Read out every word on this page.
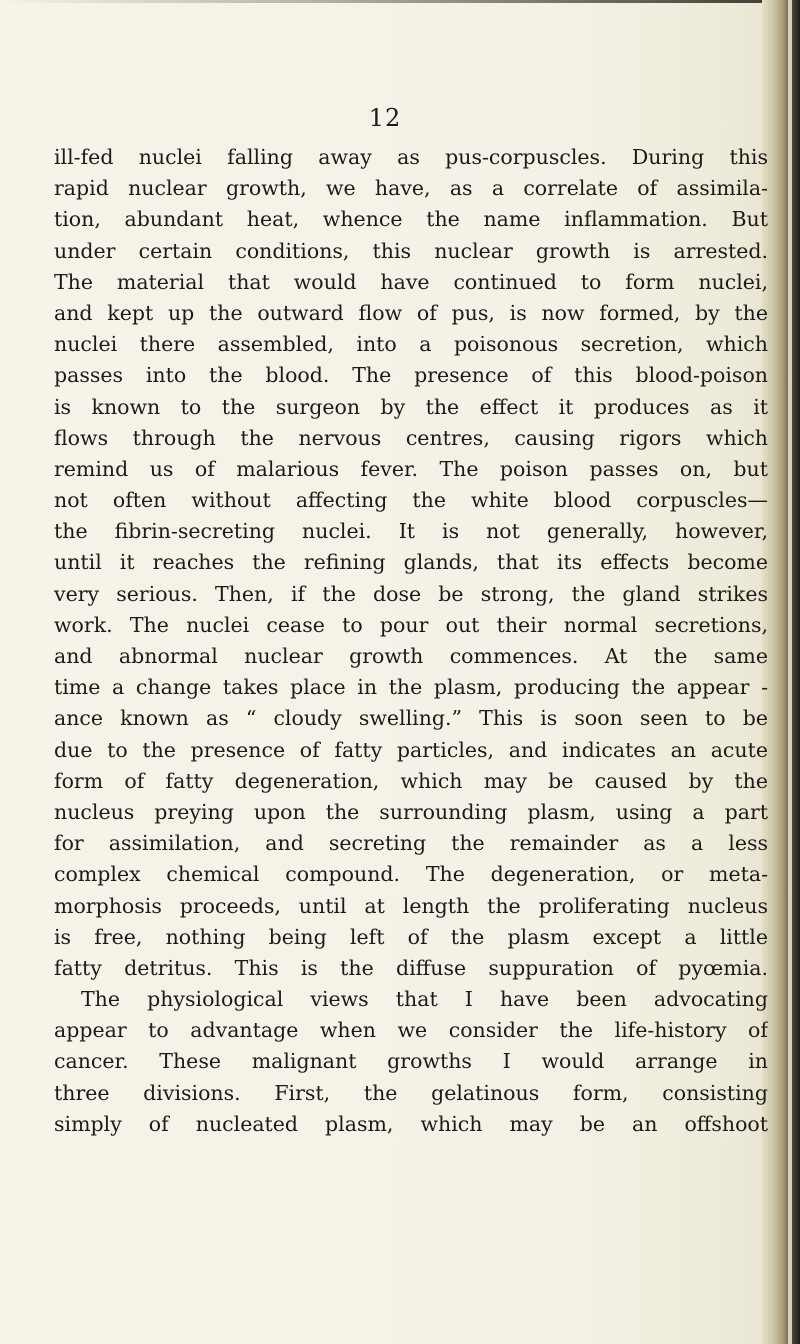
12
ill-fed nuclei falling away as pus-corpuscles. During this
rapid nuclear growth, we have, as a correlate of assimila-
tion, abundant heat, whence the name inflammation. But
under certain conditions, this nuclear growth is arrested.
The material that would have continued to form nuclei,
and kept up the outward flow of pus, is now formed, by the
nuclei there assembled, into a poisonous secretion, which
passes into the blood. The presence of this blood-poison
is known to the surgeon by the effect it produces as it
flows through the nervous centres, causing rigors which
remind us of malarious fever. The poison passes on, but
not often without affecting the white blood corpuscles—
the fibrin-secreting nuclei. It is not generally, however,
until it reaches the refining glands, that its effects become
very serious. Then, if the dose be strong, the gland strikes
work. The nuclei cease to pour out their normal secretions,
and abnormal nuclear growth commences. At the same
time a change takes place in the plasm, producing the appear -
ance known as “ cloudy swelling.” This is soon seen to be
due to the presence of fatty particles, and indicates an acute
form of fatty degeneration, which may be caused by the
nucleus preying upon the surrounding plasm, using a part
for assimilation, and secreting the remainder as a less
complex chemical compound. The degeneration, or meta-
morphosis proceeds, until at length the proliferating nucleus
is free, nothing being left of the plasm except a little
fatty detritus. This is the diffuse suppuration of pyœmia.
The physiological views that I have been advocating
appear to advantage when we consider the life-history of
cancer. These malignant growths I would arrange in
three divisions. First, the gelatinous form, consisting
simply of nucleated plasm, which may be an offshoot
